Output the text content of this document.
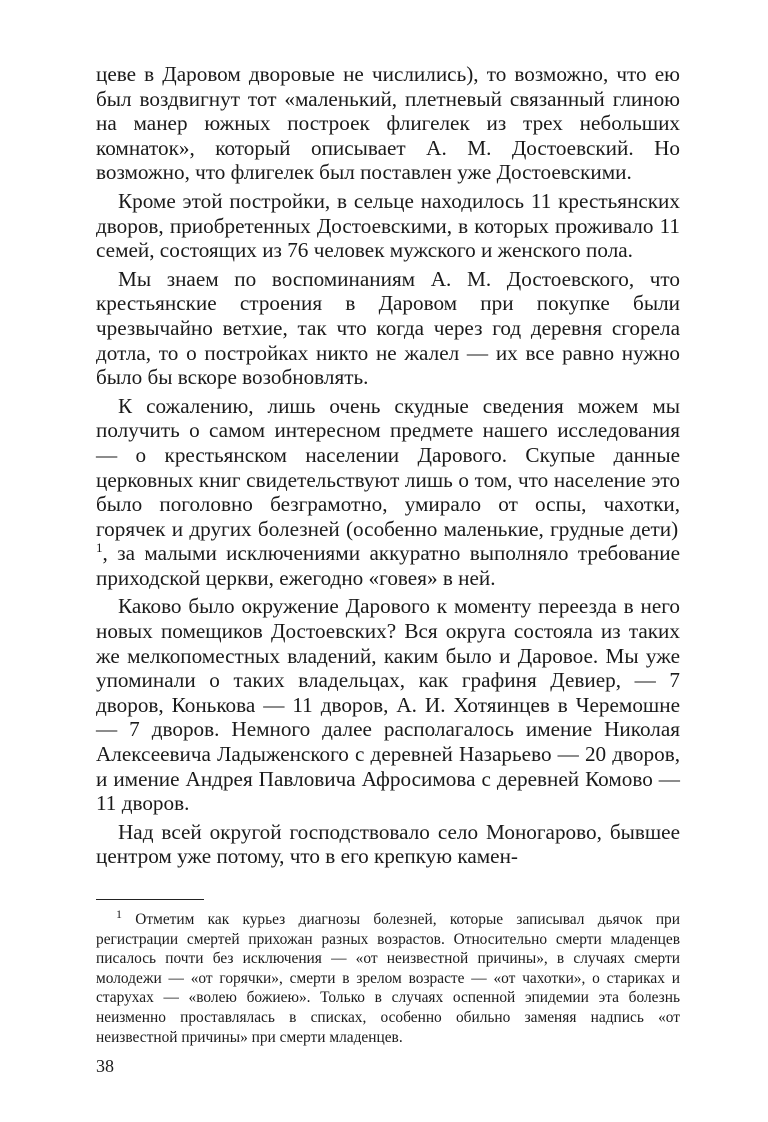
цеве в Даровом дворовые не числились), то возможно, что ею был воздвигнут тот «маленький, плетневый связанный глиною на манер южных построек флигелек из трех небольших комнаток», который описывает А. М. Достоевский. Но возможно, что флигелек был поставлен уже Достоевскими.

Кроме этой постройки, в сельце находилось 11 крестьянских дворов, приобретенных Достоевскими, в которых проживало 11 семей, состоящих из 76 человек мужского и женского пола.

Мы знаем по воспоминаниям А. М. Достоевского, что крестьянские строения в Даровом при покупке были чрезвычайно ветхие, так что когда через год деревня сгорела дотла, то о постройках никто не жалел — их все равно нужно было бы вскоре возобновлять.

К сожалению, лишь очень скудные сведения можем мы получить о самом интересном предмете нашего исследования — о крестьянском населении Дарового. Скупые данные церковных книг свидетельствуют лишь о том, что население это было поголовно безграмотно, умирало от оспы, чахотки, горячек и других болезней (особенно маленькие, грудные дети) $^1$, за малыми исключениями аккуратно выполняло требование приходской церкви, ежегодно «говея» в ней.

Каково было окружение Дарового к моменту переезда в него новых помещиков Достоевских? Вся округа состояла из таких же мелкопоместных владений, каким было и Даровое. Мы уже упоминали о таких владельцах, как графиня Девиер, — 7 дворов, Конькова — 11 дворов, А. И. Хотяинцев в Черемошне — 7 дворов. Немного далее располагалось имение Николая Алексеевича Ладыженского с деревней Назарьево — 20 дворов, и имение Андрея Павловича Афросимова с деревней Комово — 11 дворов.

Над всей округой господствовало село Моногарово, бывшее центром уже потому, что в его крепкую камен-

$^1$ Отметим как курьез диагнозы болезней, которые записывал дьячок при регистрации смертей прихожан разных возрастов. Относительно смерти младенцев писалось почти без исключения — «от неизвестной причины», в случаях смерти молодежи — «от горячки», смерти в зрелом возрасте — «от чахотки», о стариках и старухах — «волею божиею». Только в случаях оспенной эпидемии эта болезнь неизменно проставлялась в списках, особенно обильно заменяя надпись «от неизвестной причины» при смерти младенцев.

38
